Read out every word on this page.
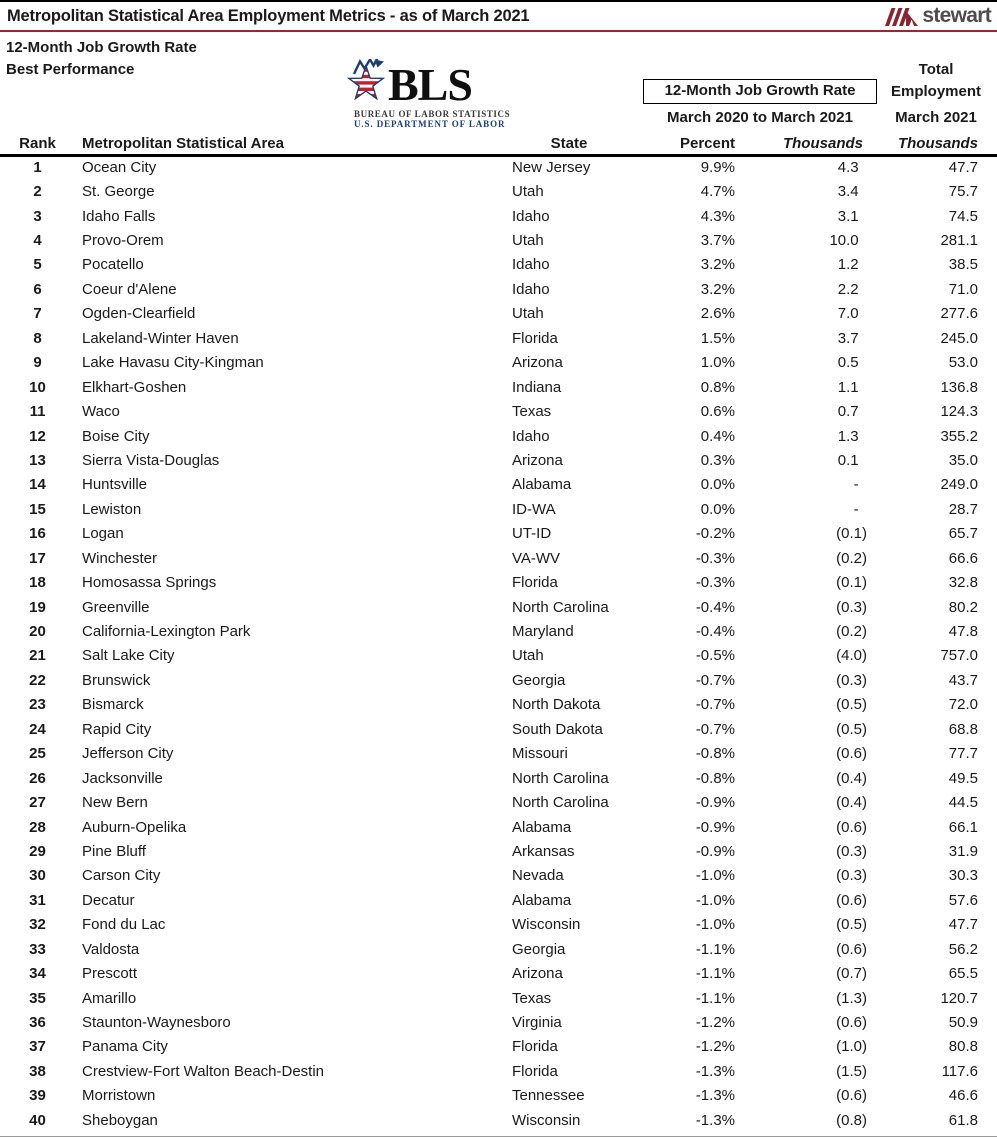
Metropolitan Statistical Area Employment Metrics - as of March 2021	stewart
12-Month Job Growth Rate
Best Performance	BLS
BUREAU OF LABOR STATISTICS
U.S. DEPARTMENT OF LABOR
Total
12-Month Job Growth Rate	Employment
March 2020 to March 2021	March 2021
Rank	Metropolitan Statistical Area	State	Percent	Thousands	Thousands
1	Ocean City	New Jersey	9.9%	4.3 	47.7
2	St. George	Utah	4.7%	3.4 	75.7
3	Idaho Falls	Idaho	4.3%	3.1 	74.5
4	Provo-Orem	Utah	3.7%	10.0 	281.1
5	Pocatello	Idaho	3.2%	1.2 	38.5
6	Coeur d'Alene	Idaho	3.2%	2.2 	71.0
7	Ogden-Clearfield	Utah	2.6%	7.0 	277.6
8	Lakeland-Winter Haven	Florida	1.5%	3.7 	245.0
9	Lake Havasu City-Kingman	Arizona	1.0%	0.5 	53.0
10	Elkhart-Goshen	Indiana	0.8%	1.1 	136.8
11	Waco	Texas	0.6%	0.7 	124.3
12	Boise City	Idaho	0.4%	1.3 	355.2
13	Sierra Vista-Douglas	Arizona	0.3%	0.1 	35.0
14	Huntsville	Alabama	0.0%	- 	249.0
15	Lewiston	ID-WA	0.0%	- 	28.7
16	Logan	UT-ID	-0.2%	(0.1)	65.7
17	Winchester	VA-WV	-0.3%	(0.2)	66.6
18	Homosassa Springs	Florida	-0.3%	(0.1)	32.8
19	Greenville	North Carolina	-0.4%	(0.3)	80.2
20	California-Lexington Park	Maryland	-0.4%	(0.2)	47.8
21	Salt Lake City	Utah	-0.5%	(4.0)	757.0
22	Brunswick	Georgia	-0.7%	(0.3)	43.7
23	Bismarck	North Dakota	-0.7%	(0.5)	72.0
24	Rapid City	South Dakota	-0.7%	(0.5)	68.8
25	Jefferson City	Missouri	-0.8%	(0.6)	77.7
26	Jacksonville	North Carolina	-0.8%	(0.4)	49.5
27	New Bern	North Carolina	-0.9%	(0.4)	44.5
28	Auburn-Opelika	Alabama	-0.9%	(0.6)	66.1
29	Pine Bluff	Arkansas	-0.9%	(0.3)	31.9
30	Carson City	Nevada	-1.0%	(0.3)	30.3
31	Decatur	Alabama	-1.0%	(0.6)	57.6
32	Fond du Lac	Wisconsin	-1.0%	(0.5)	47.7
33	Valdosta	Georgia	-1.1%	(0.6)	56.2
34	Prescott	Arizona	-1.1%	(0.7)	65.5
35	Amarillo	Texas	-1.1%	(1.3)	120.7
36	Staunton-Waynesboro	Virginia	-1.2%	(0.6)	50.9
37	Panama City	Florida	-1.2%	(1.0)	80.8
38	Crestview-Fort Walton Beach-Destin	Florida	-1.3%	(1.5)	117.6
39	Morristown	Tennessee	-1.3%	(0.6)	46.6
40	Sheboygan	Wisconsin	-1.3%	(0.8)	61.8
